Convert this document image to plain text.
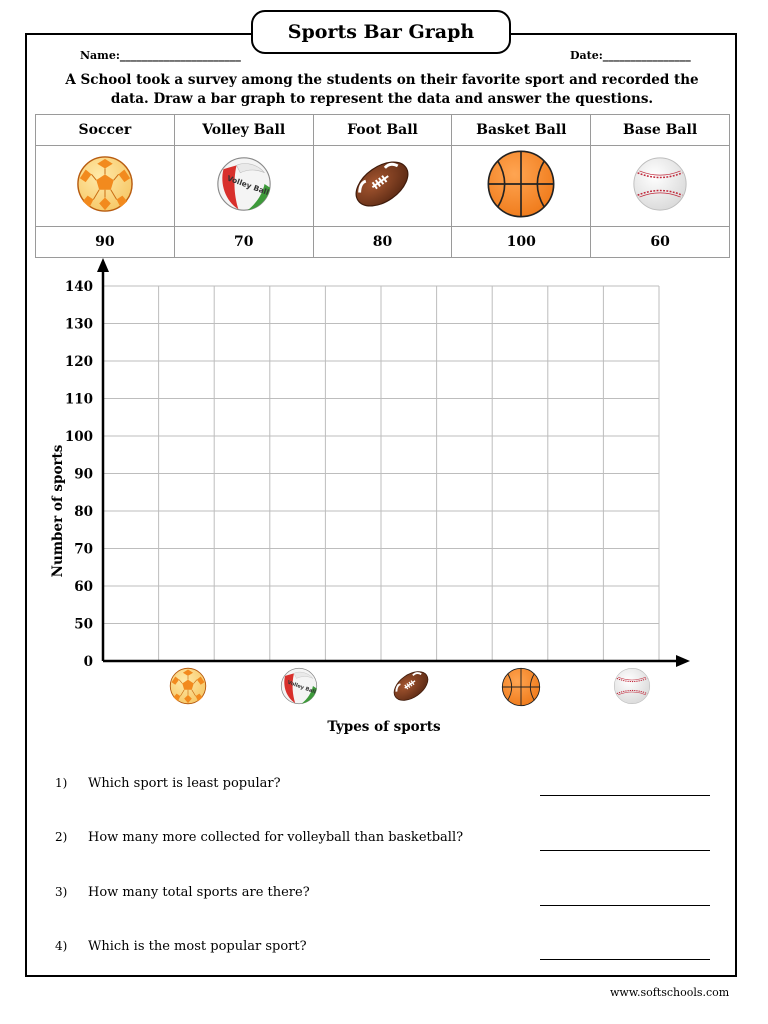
Sports Bar Graph
Name:______________________	Date:________________
A School took a survey among the students on their favorite sport and recorded the data. Draw a bar graph to represent the data and answer the questions.
Soccer	Volley Ball	Foot Ball	Basket Ball	Base Ball

90	70	80	100	60
0
50
60
70
80
90
100
110
120
130
140
Number of sports
Types of sports
1) Which sport is least popular?
2) How many more collected for volleyball than basketball?
3) How many total sports are there?
4) Which is the most popular sport?
www.softschools.com
